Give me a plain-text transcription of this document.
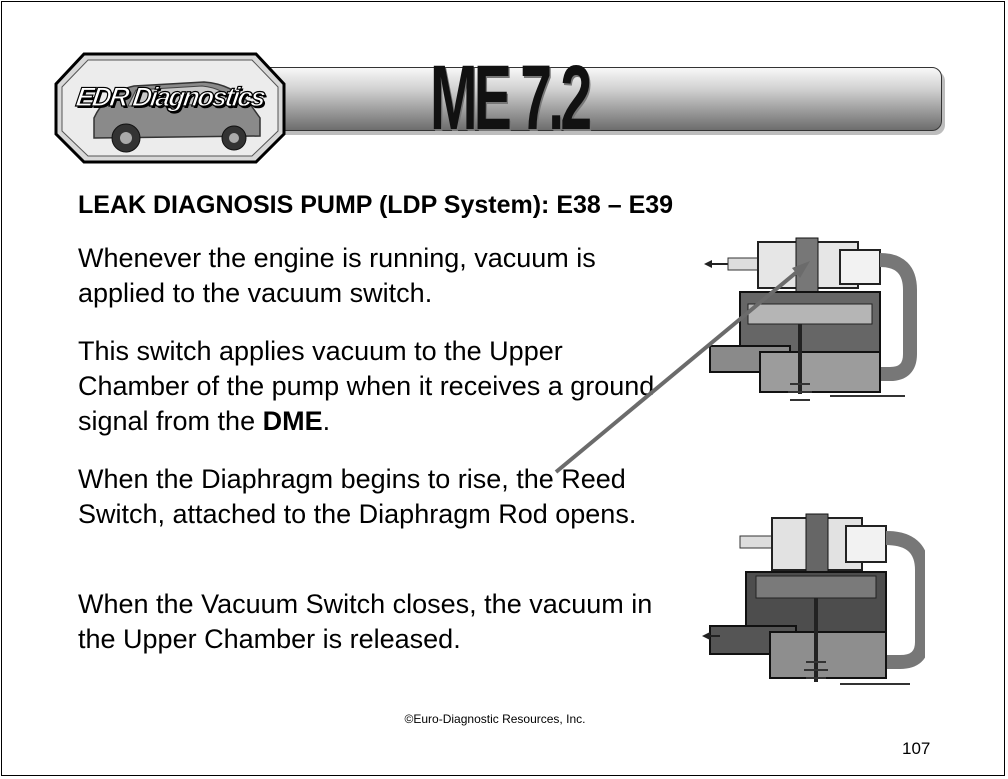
ME 7.2
EDR Diagnostics
LEAK DIAGNOSIS PUMP (LDP System): E38 – E39
Whenever the engine is running, vacuum is applied to the vacuum switch.
This switch applies vacuum to the Upper Chamber of the pump when it receives a ground signal from the DME.
When the Diaphragm begins to rise, the Reed Switch, attached to the Diaphragm Rod opens.
When the Vacuum Switch closes, the vacuum in the Upper Chamber is released.
©Euro-Diagnostic Resources, Inc.
107
